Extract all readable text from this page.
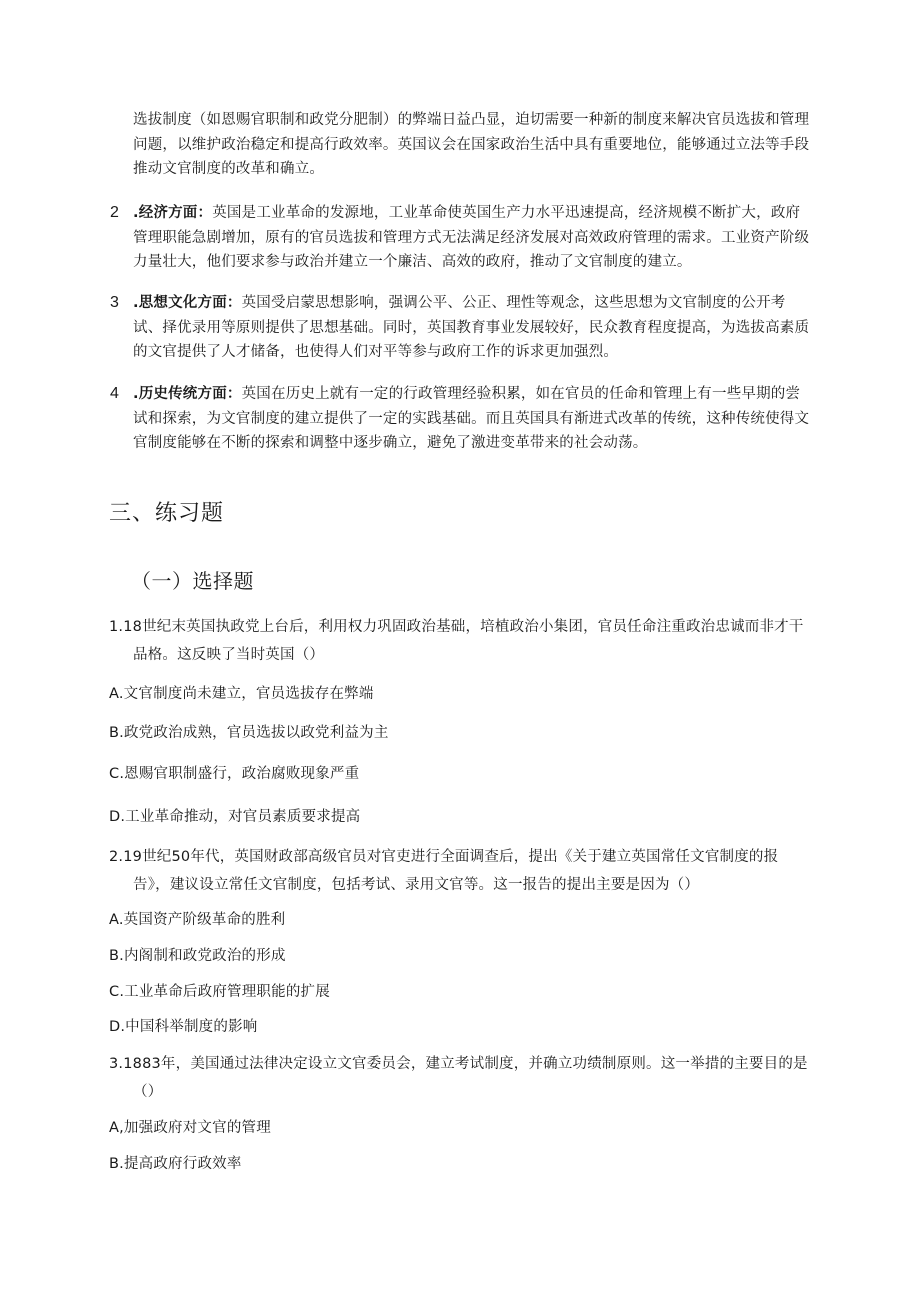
选拔制度（如恩赐官职制和政党分肥制）的弊端日益凸显，迫切需要一种新的制度来解决官员选拔和管理问题，以维护政治稳定和提高行政效率。英国议会在国家政治生活中具有重要地位，能够通过立法等手段推动文官制度的改革和确立。

2 .经济方面：英国是工业革命的发源地，工业革命使英国生产力水平迅速提高，经济规模不断扩大，政府管理职能急剧增加，原有的官员选拔和管理方式无法满足经济发展对高效政府管理的需求。工业资产阶级力量壮大，他们要求参与政治并建立一个廉洁、高效的政府，推动了文官制度的建立。
3 .思想文化方面：英国受启蒙思想影响，强调公平、公正、理性等观念，这些思想为文官制度的公开考试、择优录用等原则提供了思想基础。同时，英国教育事业发展较好，民众教育程度提高，为选拔高素质的文官提供了人才储备，也使得人们对平等参与政府工作的诉求更加强烈。
4 .历史传统方面：英国在历史上就有一定的行政管理经验积累，如在官员的任命和管理上有一些早期的尝试和探索，为文官制度的建立提供了一定的实践基础。而且英国具有渐进式改革的传统，这种传统使得文官制度能够在不断的探索和调整中逐步确立，避免了激进变革带来的社会动荡。
三、练习题
（一）选择题
1.18世纪末英国执政党上台后，利用权力巩固政治基础，培植政治小集团，官员任命注重政治忠诚而非才干品格。这反映了当时英国（）
A.文官制度尚未建立，官员选拔存在弊端
B.政党政治成熟，官员选拔以政党利益为主
C.恩赐官职制盛行，政治腐败现象严重
D.工业革命推动，对官员素质要求提高
2.19世纪50年代，英国财政部高级官员对官吏进行全面调查后，提出《关于建立英国常任文官制度的报告》，建议设立常任文官制度，包括考试、录用文官等。这一报告的提出主要是因为（）
A.英国资产阶级革命的胜利
B.内阁制和政党政治的形成
C.工业革命后政府管理职能的扩展
D.中国科举制度的影响
3.1883年，美国通过法律决定设立文官委员会，建立考试制度，并确立功绩制原则。这一举措的主要目的是（）
A,加强政府对文官的管理
B.提高政府行政效率
